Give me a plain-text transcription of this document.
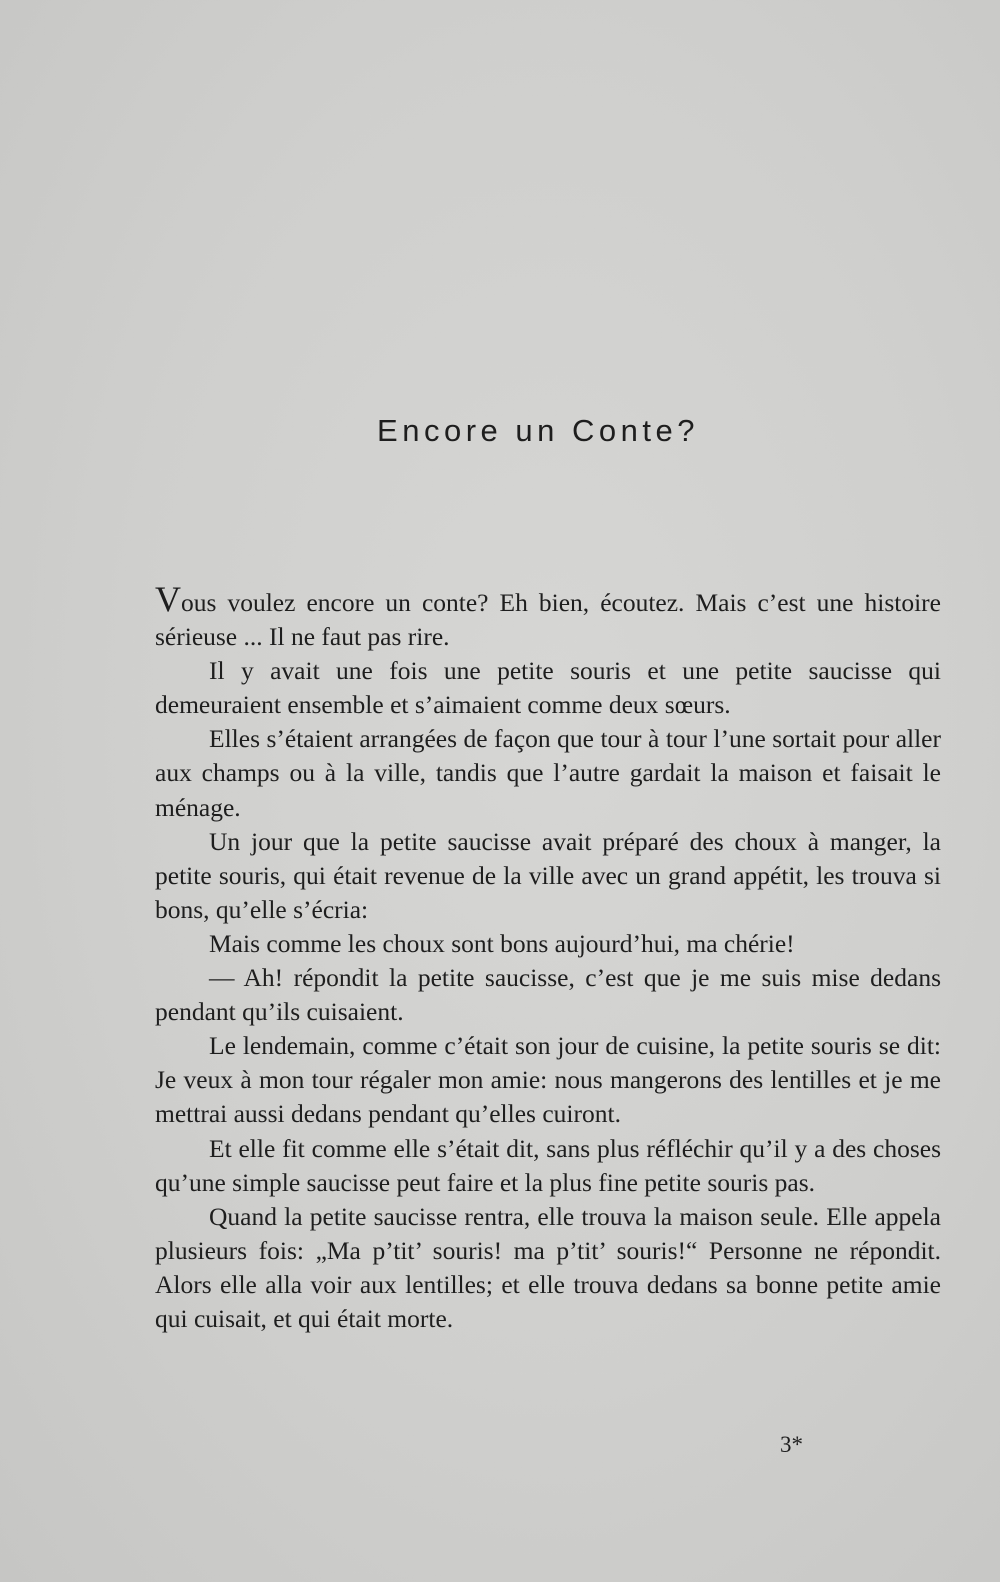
Encore un Conte?

Vous voulez encore un conte? Eh bien, écoutez. Mais c’est une histoire sérieuse ... Il ne faut pas rire.

Il y avait une fois une petite souris et une petite saucisse qui demeuraient ensemble et s’aimaient comme deux sœurs.

Elles s’étaient arrangées de façon que tour à tour l’une sortait pour aller aux champs ou à la ville, tandis que l’autre gardait la maison et faisait le ménage.

Un jour que la petite saucisse avait préparé des choux à manger, la petite souris, qui était revenue de la ville avec un grand appétit, les trouva si bons, qu’elle s’écria:

Mais comme les choux sont bons aujourd’hui, ma chérie!

— Ah! répondit la petite saucisse, c’est que je me suis mise dedans pendant qu’ils cuisaient.

Le lendemain, comme c’était son jour de cuisine, la petite souris se dit: Je veux à mon tour régaler mon amie: nous mangerons des lentilles et je me mettrai aussi dedans pendant qu’elles cuiront.

Et elle fit comme elle s’était dit, sans plus réfléchir qu’il y a des choses qu’une simple saucisse peut faire et la plus fine petite souris pas.

Quand la petite saucisse rentra, elle trouva la maison seule. Elle appela plusieurs fois: „Ma p’tit’ souris! ma p’tit’ souris!“ Personne ne répondit. Alors elle alla voir aux lentilles; et elle trouva dedans sa bonne petite amie qui cuisait, et qui était morte.

3*
